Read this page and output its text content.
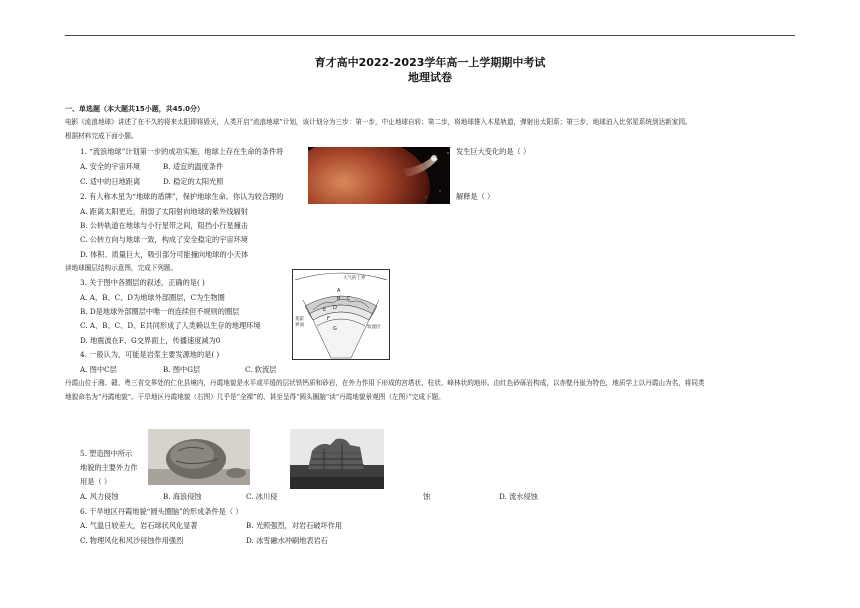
育才高中2022-2023学年高一上学期期中考试
地理试卷
一、单选题（本大题共15小题，共45.0分）
电影《流浪地球》讲述了在不久的将来太阳即将毁灭，人类开启“流浪地球”计划，该计划分为三步：第一步，中止地球自转；第二步，将地球推入木星轨道，弹射出太阳系；第三步，地球泊入比邻星系统到达新家园。
根据材料完成下面小题。
1. “流浪地球”计划第一步的成功实施，地球上存在生命的条件将	发生巨大变化的是（ ）
A. 安全的宇宙环境	B. 适宜的温度条件
C. 适中的日地距离	D. 稳定的太阳光照
2. 有人称木星为“地球的盾牌”，保护地球生命。你认为较合理的	解释是（ ）
A. 距离太阳更近，削弱了太阳射向地球的紫外线辐射
B. 公转轨道在地球与小行星带之间，阻挡小行星撞击
C. 公转方向与地球一致，构成了安全稳定的宇宙环境
D. 体积、质量巨大，吸引部分可能撞向地球的小天体
读地球圈层结构示意图，完成下列题。
3. 关于图中各圈层的叙述，正确的是( )
A. A、B、C、D为地球外部圈层，C为生物圈
B. D是地球外部圈层中唯一的连续但不规则的圈层
C. A、B、C、D、E共同形成了人类赖以生存的地理环境
D. 地震波在F、G交界面上，传播速度减为0
4. 一般认为，可能是岩浆主要发源地的是( )
A. 图中C层	B. 图中G层	C. 软流层
大气的上界
A
B C
D
E
F
G
莫霍
界面	软流层
丹霞山位于湘、赣、粤三省交界处的仁化县境内，丹霞地貌是水平或平缓的层状铁钙质和砂岩，在外力作用下形成的宫塔状、柱状、峰林状的地形。由红色砂砾岩构成，以赤壁丹崖为特色，地质学上以丹霞山为名，将同类
地貌命名为“丹霞地貌”。干旱地区丹霞地貌（右图）几乎是“全裸”的，甚至呈得“圆头圈脑”读“丹霞地貌景观图（左图）”完成下题。
5. 塑造图中所示
地貌的主要外力作
用是（ ）
A. 风力侵蚀	B. 海浪侵蚀	C. 冰川侵	蚀	D. 流水侵蚀
6. 干旱地区丹霞地貌“圆头圈脑”的形成条件是（ ）
A. 气温日较差大，岩石球状风化显著	B. 光照强烈，对岩石破坏作用
C. 物理风化和风沙侵蚀作用强烈	D. 冰雪融水冲刷地表岩石
